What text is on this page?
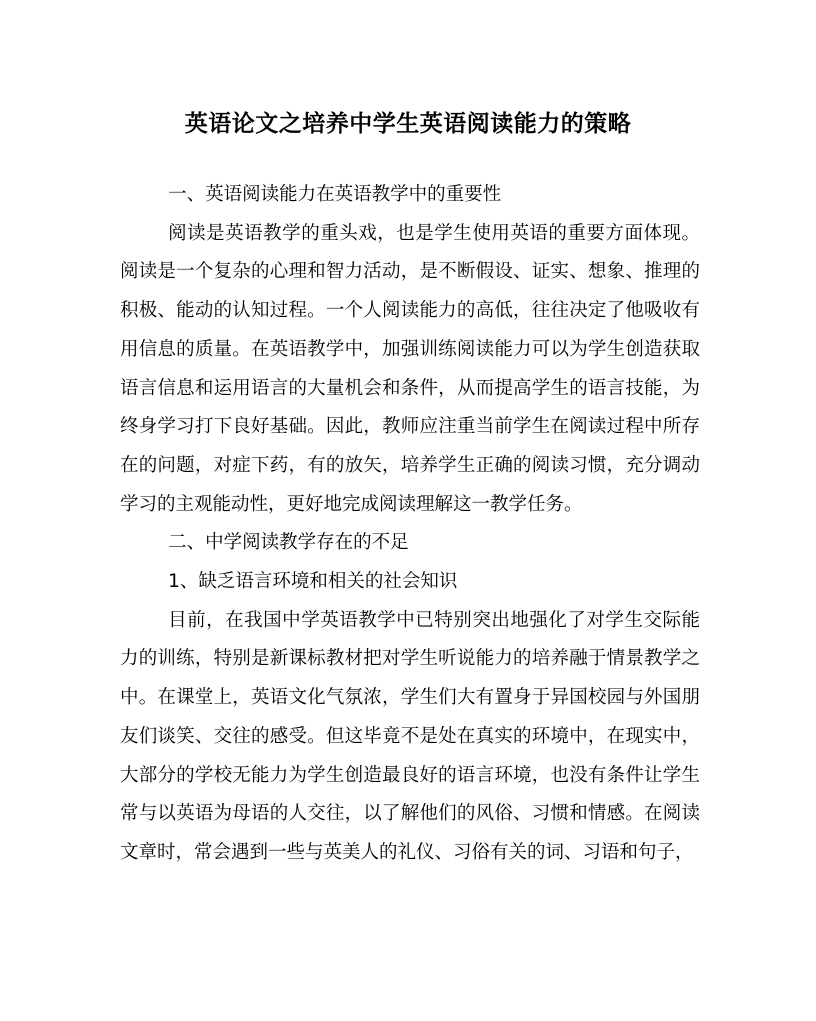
英语论文之培养中学生英语阅读能力的策略

一、英语阅读能力在英语教学中的重要性

阅读是英语教学的重头戏，也是学生使用英语的重要方面体现。阅读是一个复杂的心理和智力活动，是不断假设、证实、想象、推理的积极、能动的认知过程。一个人阅读能力的高低，往往决定了他吸收有用信息的质量。在英语教学中，加强训练阅读能力可以为学生创造获取语言信息和运用语言的大量机会和条件，从而提高学生的语言技能，为终身学习打下良好基础。因此，教师应注重当前学生在阅读过程中所存在的问题，对症下药，有的放矢，培养学生正确的阅读习惯，充分调动学习的主观能动性，更好地完成阅读理解这一教学任务。

二、中学阅读教学存在的不足

1、缺乏语言环境和相关的社会知识

目前，在我国中学英语教学中已特别突出地强化了对学生交际能力的训练，特别是新课标教材把对学生听说能力的培养融于情景教学之中。在课堂上，英语文化气氛浓，学生们大有置身于异国校园与外国朋友们谈笑、交往的感受。但这毕竟不是处在真实的环境中，在现实中，大部分的学校无能力为学生创造最良好的语言环境，也没有条件让学生常与以英语为母语的人交往，以了解他们的风俗、习惯和情感。在阅读文章时，常会遇到一些与英美人的礼仪、习俗有关的词、习语和句子，
